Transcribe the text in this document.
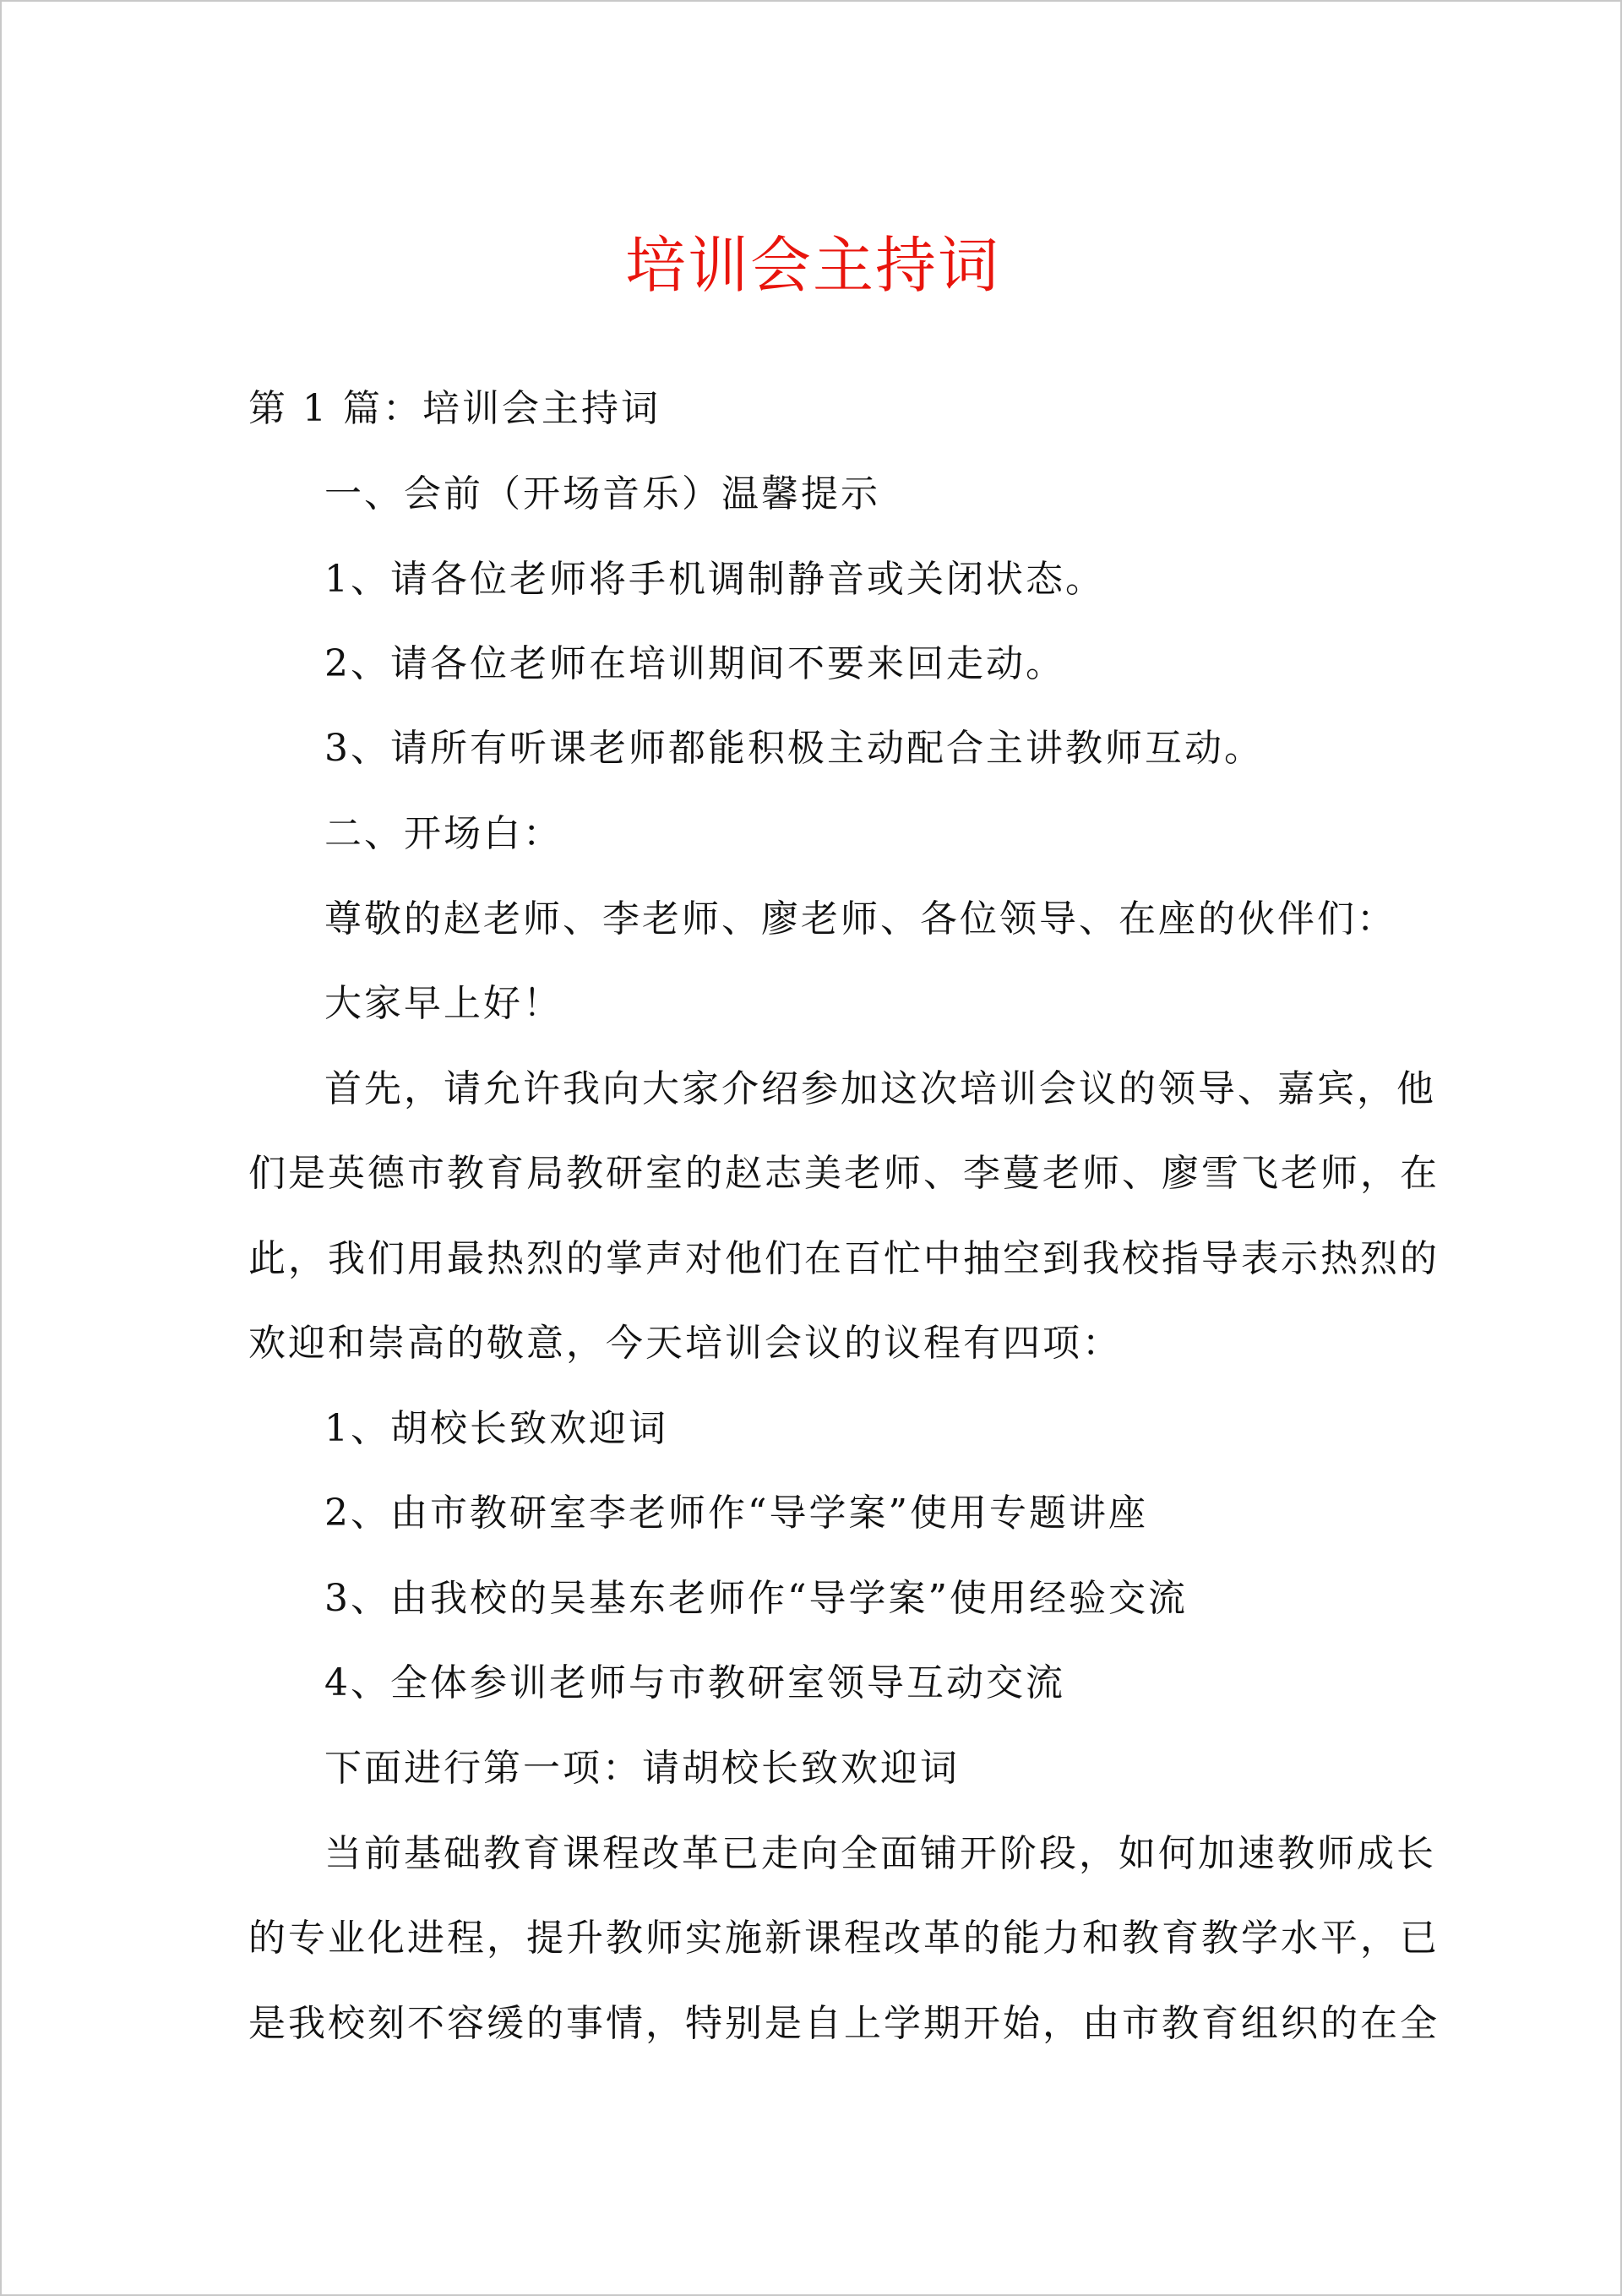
培训会主持词
第 1 篇：培训会主持词
一、会前（开场音乐）温馨提示
1、请各位老师将手机调制静音或关闭状态。
2、请各位老师在培训期间不要来回走动。
3、请所有听课老师都能积极主动配合主讲教师互动。
二、开场白：
尊敬的赵老师、李老师、廖老师、各位领导、在座的伙伴们：
大家早上好！
首先，请允许我向大家介绍参加这次培训会议的领导、嘉宾，他
们是英德市教育局教研室的赵志美老师、李蔓老师、廖雪飞老师，在
此，我们用最热烈的掌声对他们在百忙中抽空到我校指导表示热烈的
欢迎和崇高的敬意，今天培训会议的议程有四项：
1、胡校长致欢迎词
2、由市教研室李老师作“导学案”使用专题讲座
3、由我校的吴基东老师作“导学案”使用经验交流
4、全体参训老师与市教研室领导互动交流
下面进行第一项：请胡校长致欢迎词
当前基础教育课程改革已走向全面铺开阶段，如何加速教师成长
的专业化进程，提升教师实施新课程改革的能力和教育教学水平，已
是我校刻不容缓的事情，特别是自上学期开始，由市教育组织的在全
